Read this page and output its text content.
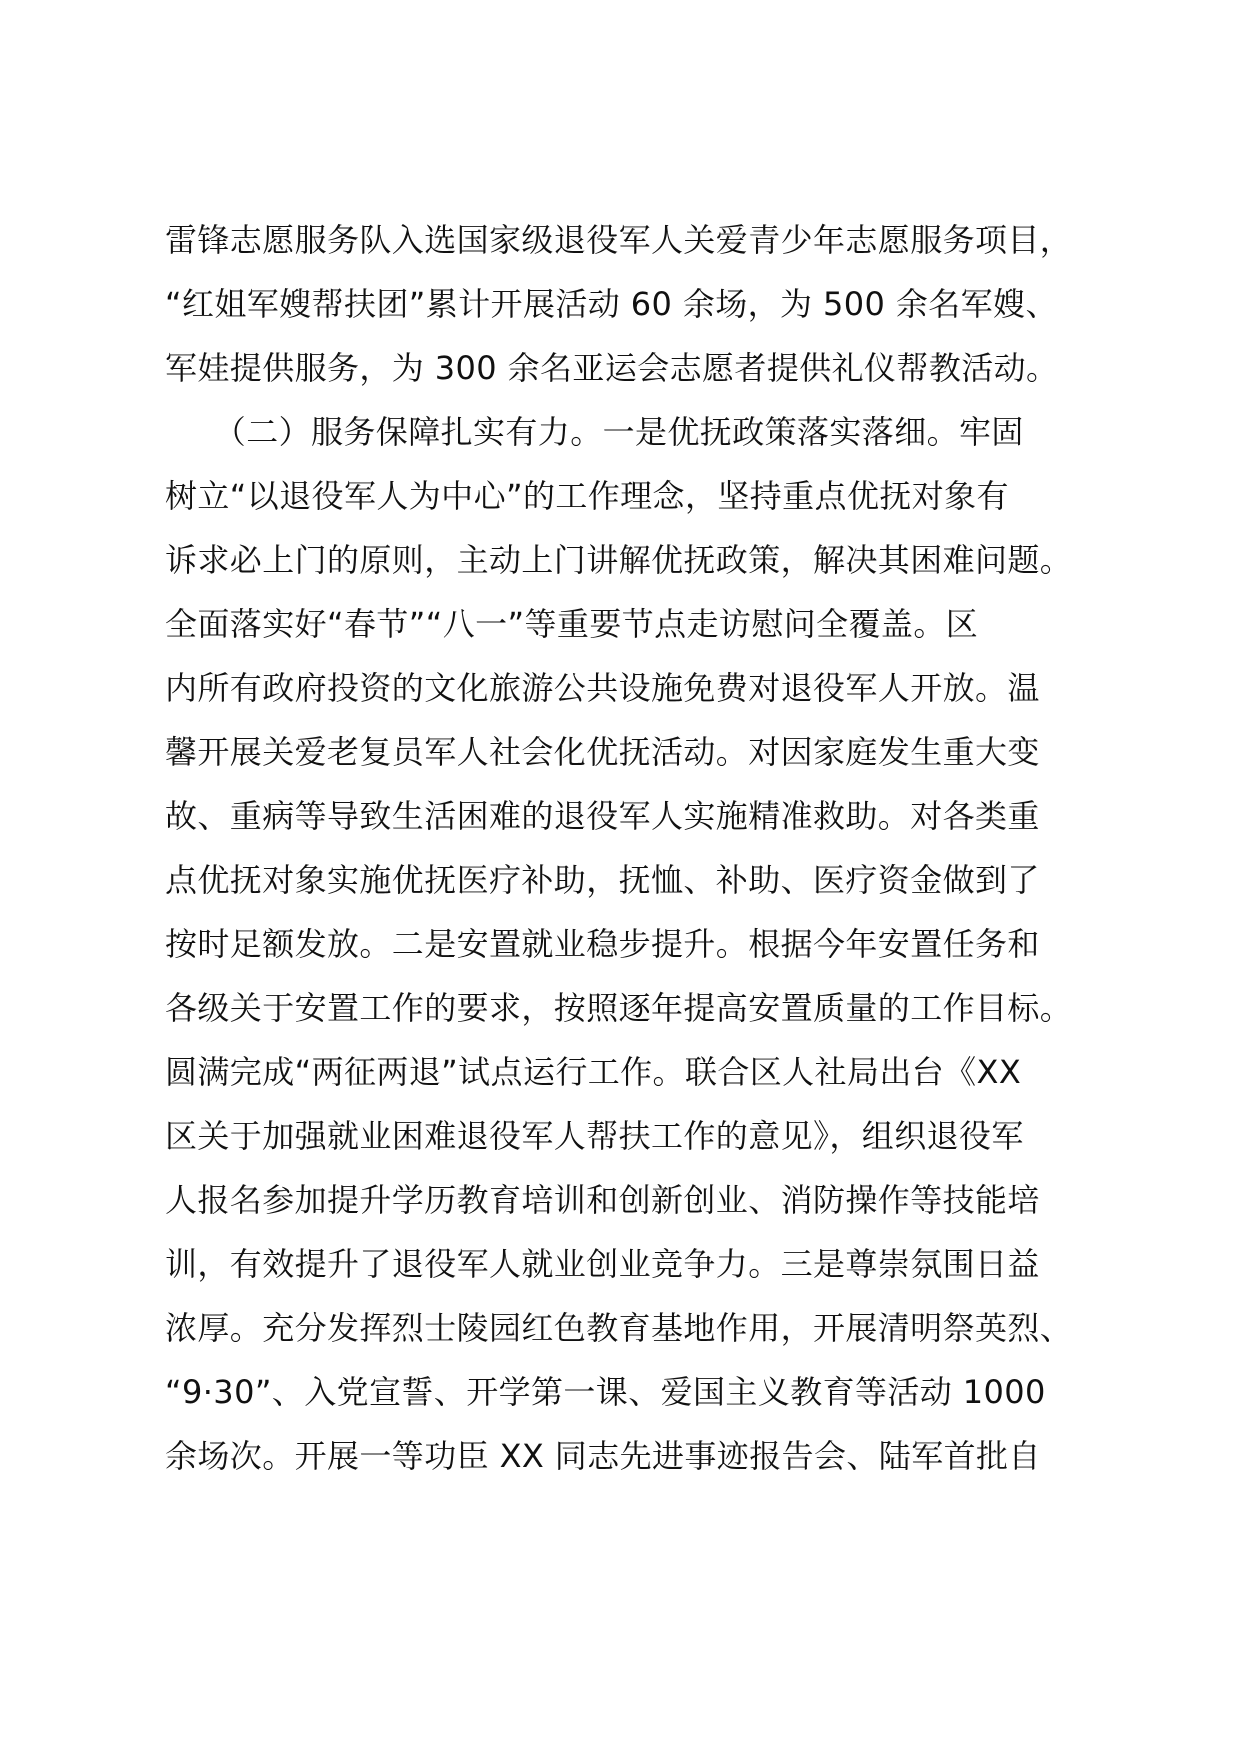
雷锋志愿服务队入选国家级退役军人关爱青少年志愿服务项目，
“红姐军嫂帮扶团”累计开展活动 60 余场，为 500 余名军嫂、
军娃提供服务，为 300 余名亚运会志愿者提供礼仪帮教活动。
　　（二）服务保障扎实有力。一是优抚政策落实落细。牢固
树立“以退役军人为中心”的工作理念，坚持重点优抚对象有
诉求必上门的原则，主动上门讲解优抚政策，解决其困难问题。
全面落实好“春节”“八一”等重要节点走访慰问全覆盖。区
内所有政府投资的文化旅游公共设施免费对退役军人开放。温
馨开展关爱老复员军人社会化优抚活动。对因家庭发生重大变
故、重病等导致生活困难的退役军人实施精准救助。对各类重
点优抚对象实施优抚医疗补助，抚恤、补助、医疗资金做到了
按时足额发放。二是安置就业稳步提升。根据今年安置任务和
各级关于安置工作的要求，按照逐年提高安置质量的工作目标。
圆满完成“两征两退”试点运行工作。联合区人社局出台《XX
区关于加强就业困难退役军人帮扶工作的意见》，组织退役军
人报名参加提升学历教育培训和创新创业、消防操作等技能培
训，有效提升了退役军人就业创业竞争力。三是尊崇氛围日益
浓厚。充分发挥烈士陵园红色教育基地作用，开展清明祭英烈、
“9·30”、入党宣誓、开学第一课、爱国主义教育等活动 1000
余场次。开展一等功臣 XX 同志先进事迹报告会、陆军首批自
